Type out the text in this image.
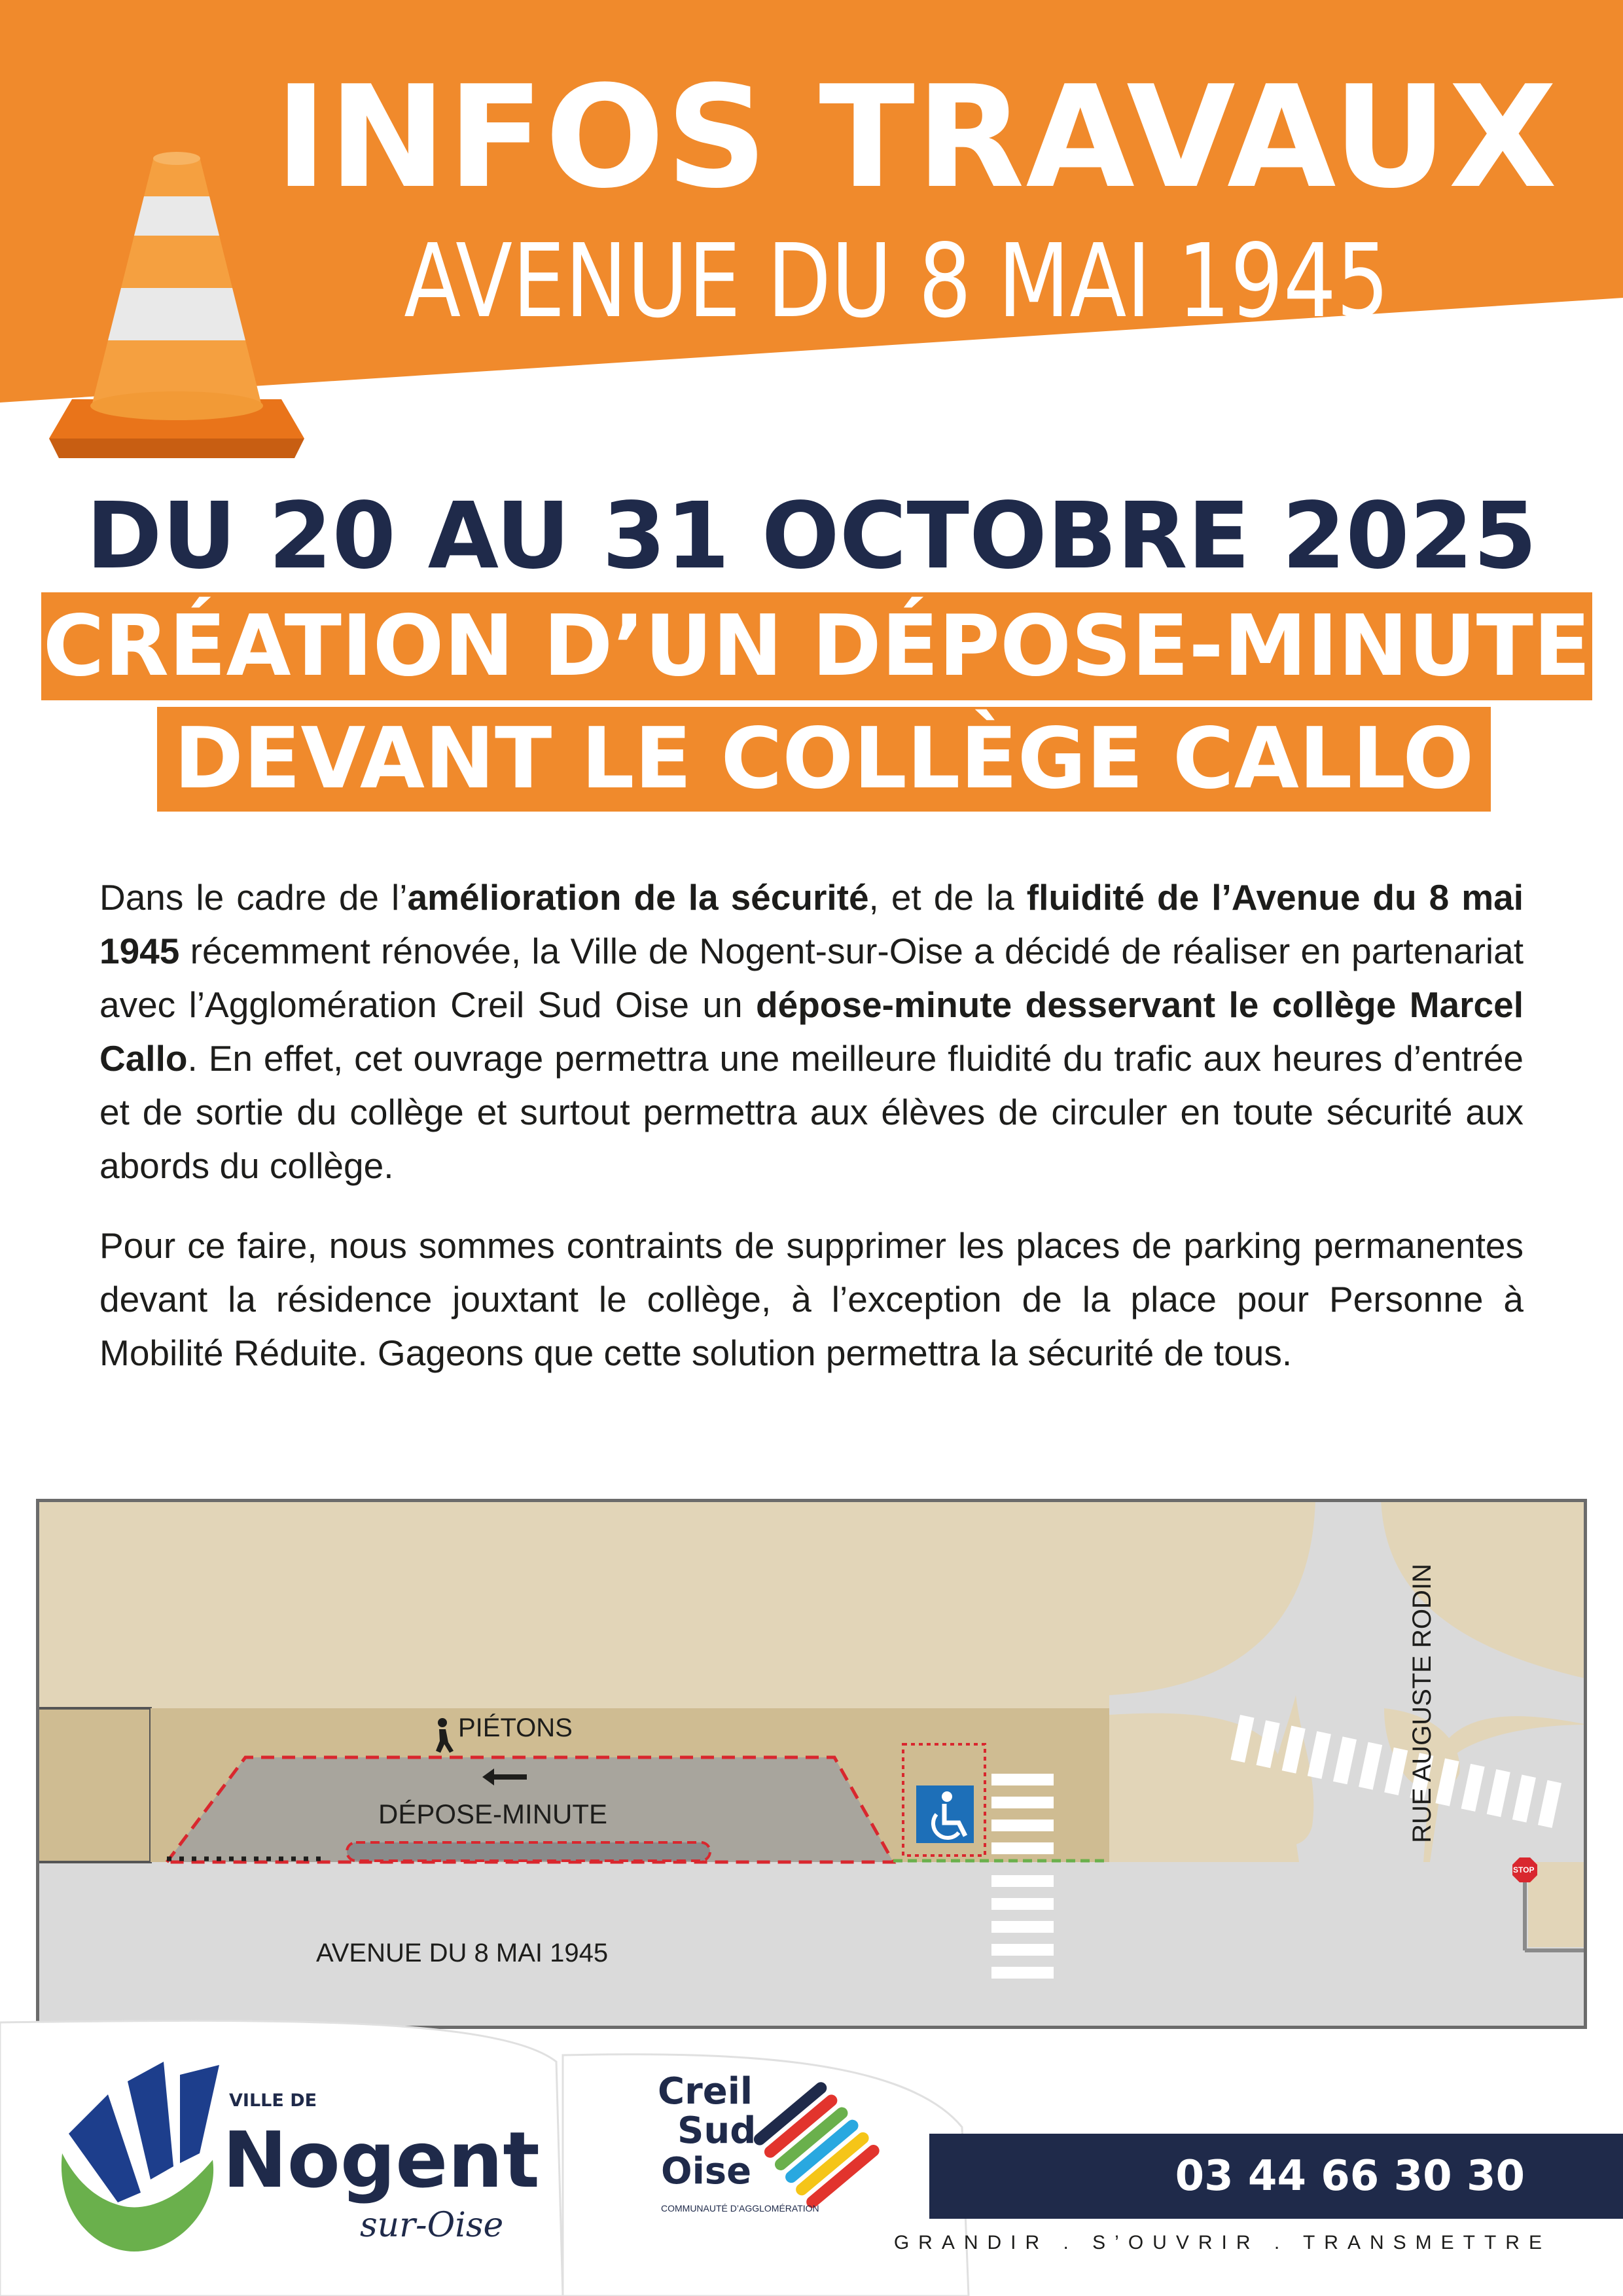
INFOS TRAVAUX
AVENUE DU 8 MAI 1945
DU 20 AU 31 OCTOBRE 2025
CRÉATION D’UN DÉPOSE-MINUTE
DEVANT LE COLLÈGE CALLO

Dans le cadre de l’amélioration de la sécurité, et de la fluidité de l’Avenue du 8 mai 1945 récemment rénovée, la Ville de Nogent-sur-Oise a décidé de réaliser en partenariat avec l’Agglomération Creil Sud Oise un dépose-minute desservant le collège Marcel Callo. En effet, cet ouvrage permettra une meilleure fluidité du trafic aux heures d’entrée et de sortie du collège et surtout permettra aux élèves de circuler en toute sécurité aux abords du collège.

Pour ce faire, nous sommes contraints de supprimer les places de parking permanentes devant la résidence jouxtant le collège, à l’exception de la place pour Personne à Mobilité Réduite. Gageons que cette solution permettra la sécurité de tous.

PIÉTONS
DÉPOSE-MINUTE
AVENUE DU 8 MAI 1945
RUE AUGUSTE RODIN
STOP
VILLE DE
Nogent
sur-Oise
Creil
Sud
Oise
COMMUNAUTÉ D’AGGLOMÉRATION
03 44 66 30 30
GRANDIR . S’OUVRIR . TRANSMETTRE
